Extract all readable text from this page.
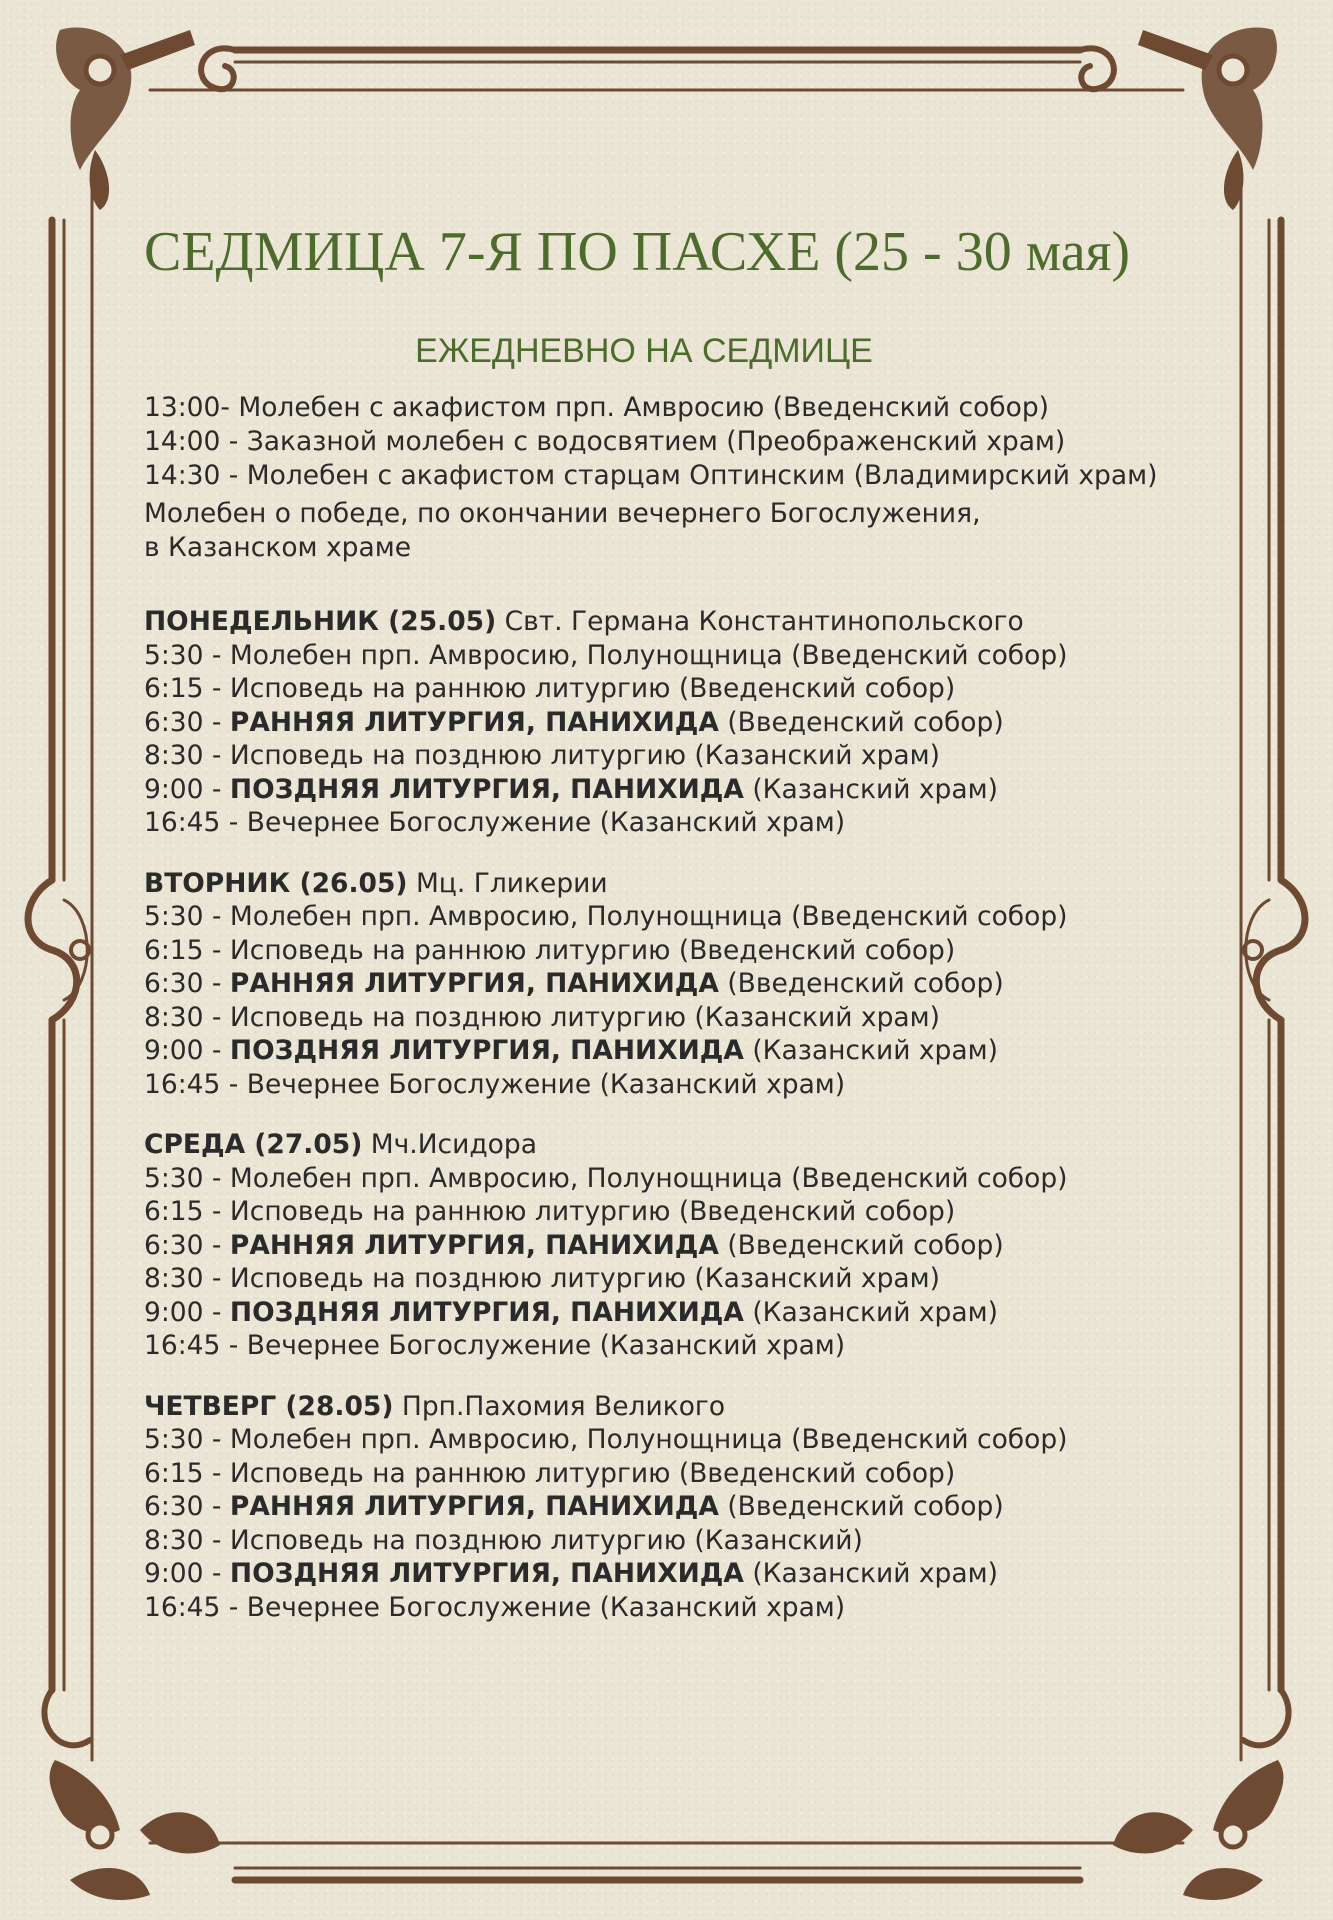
СЕДМИЦА 7-Я ПО ПАСХЕ (25 - 30 мая)
ЕЖЕДНЕВНО НА СЕДМИЦЕ
13:00- Молебен с акафистом прп. Амвросию (Введенский собор)
14:00 - Заказной молебен с водосвятием (Преображенский храм)
14:30 - Молебен с акафистом старцам Оптинским (Владимирский храм)
Молебен о победе, по окончании вечернего Богослужения,
в Казанском храме
ПОНЕДЕЛЬНИК (25.05) Свт. Германа Константинопольского
5:30 - Молебен прп. Амвросию, Полунощница (Введенский собор)
6:15 - Исповедь на раннюю литургию (Введенский собор)
6:30 - РАННЯЯ ЛИТУРГИЯ, ПАНИХИДА (Введенский собор)
8:30 - Исповедь на позднюю литургию (Казанский храм)
9:00 - ПОЗДНЯЯ ЛИТУРГИЯ, ПАНИХИДА (Казанский храм)
16:45 - Вечернее Богослужение (Казанский храм)
ВТОРНИК (26.05) Мц. Гликерии
5:30 - Молебен прп. Амвросию, Полунощница (Введенский собор)
6:15 - Исповедь на раннюю литургию (Введенский собор)
6:30 - РАННЯЯ ЛИТУРГИЯ, ПАНИХИДА (Введенский собор)
8:30 - Исповедь на позднюю литургию (Казанский храм)
9:00 - ПОЗДНЯЯ ЛИТУРГИЯ, ПАНИХИДА (Казанский храм)
16:45 - Вечернее Богослужение (Казанский храм)
СРЕДА (27.05) Мч.Исидора
5:30 - Молебен прп. Амвросию, Полунощница (Введенский собор)
6:15 - Исповедь на раннюю литургию (Введенский собор)
6:30 - РАННЯЯ ЛИТУРГИЯ, ПАНИХИДА (Введенский собор)
8:30 - Исповедь на позднюю литургию (Казанский храм)
9:00 - ПОЗДНЯЯ ЛИТУРГИЯ, ПАНИХИДА (Казанский храм)
16:45 - Вечернее Богослужение (Казанский храм)
ЧЕТВЕРГ (28.05) Прп.Пахомия Великого
5:30 - Молебен прп. Амвросию, Полунощница (Введенский собор)
6:15 - Исповедь на раннюю литургию (Введенский собор)
6:30 - РАННЯЯ ЛИТУРГИЯ, ПАНИХИДА (Введенский собор)
8:30 - Исповедь на позднюю литургию (Казанский)
9:00 - ПОЗДНЯЯ ЛИТУРГИЯ, ПАНИХИДА (Казанский храм)
16:45 - Вечернее Богослужение (Казанский храм)
